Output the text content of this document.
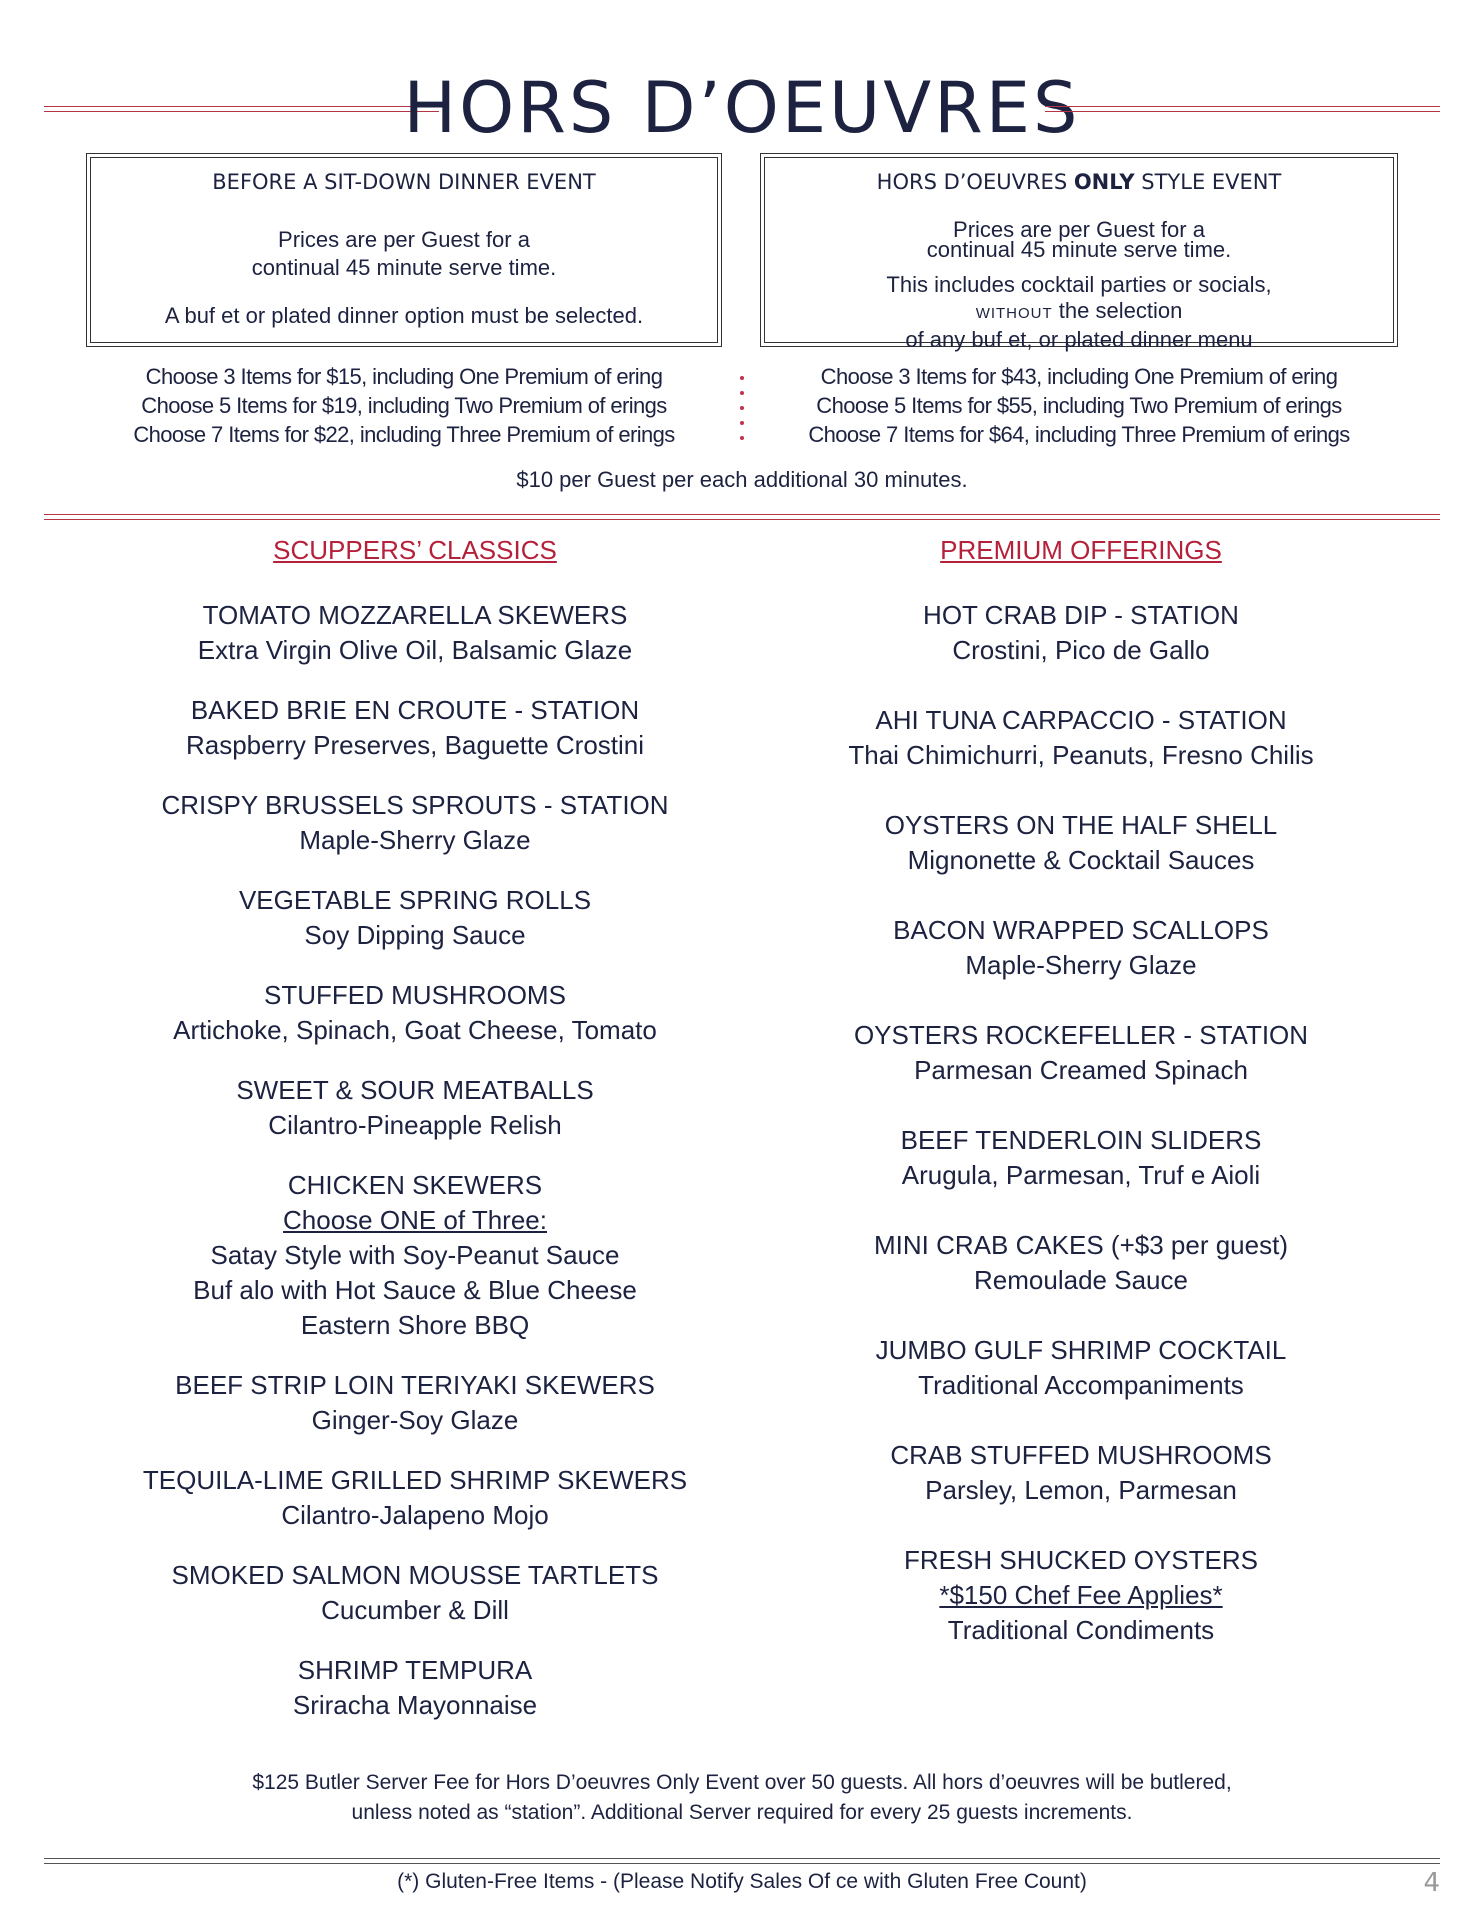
HORS D’OEUVRES
BEFORE A SIT-DOWN DINNER EVENT
Prices are per Guest for a
continual 45 minute serve time.
A buf et or plated dinner option must be selected.
HORS D’OEUVRES ONLY STYLE EVENT
Prices are per Guest for a
continual 45 minute serve time.
This includes cocktail parties or socials,
WITHOUT the selection
of any buf et, or plated dinner menu
Choose 3 Items for $15, including One Premium of ering
Choose 5 Items for $19, including Two Premium of erings
Choose 7 Items for $22, including Three Premium of erings
Choose 3 Items for $43, including One Premium of ering
Choose 5 Items for $55, including Two Premium of erings
Choose 7 Items for $64, including Three Premium of erings
$10 per Guest per each additional 30 minutes.
SCUPPERS’ CLASSICS
TOMATO MOZZARELLA SKEWERS
Extra Virgin Olive Oil, Balsamic Glaze
BAKED BRIE EN CROUTE - STATION
Raspberry Preserves, Baguette Crostini
CRISPY BRUSSELS SPROUTS - STATION
Maple-Sherry Glaze
VEGETABLE SPRING ROLLS
Soy Dipping Sauce
STUFFED MUSHROOMS
Artichoke, Spinach, Goat Cheese, Tomato
SWEET & SOUR MEATBALLS
Cilantro-Pineapple Relish
CHICKEN SKEWERS
Choose ONE of Three:
Satay Style with Soy-Peanut Sauce
Buf alo with Hot Sauce & Blue Cheese
Eastern Shore BBQ
BEEF STRIP LOIN TERIYAKI SKEWERS
Ginger-Soy Glaze
TEQUILA-LIME GRILLED SHRIMP SKEWERS
Cilantro-Jalapeno Mojo
SMOKED SALMON MOUSSE TARTLETS
Cucumber & Dill
SHRIMP TEMPURA
Sriracha Mayonnaise
PREMIUM OFFERINGS
HOT CRAB DIP - STATION
Crostini, Pico de Gallo
AHI TUNA CARPACCIO - STATION
Thai Chimichurri, Peanuts, Fresno Chilis
OYSTERS ON THE HALF SHELL
Mignonette & Cocktail Sauces
BACON WRAPPED SCALLOPS
Maple-Sherry Glaze
OYSTERS ROCKEFELLER - STATION
Parmesan Creamed Spinach
BEEF TENDERLOIN SLIDERS
Arugula, Parmesan, Truf e Aioli
MINI CRAB CAKES (+$3 per guest)
Remoulade Sauce
JUMBO GULF SHRIMP COCKTAIL
Traditional Accompaniments
CRAB STUFFED MUSHROOMS
Parsley, Lemon, Parmesan
FRESH SHUCKED OYSTERS
*$150 Chef Fee Applies*
Traditional Condiments
$125 Butler Server Fee for Hors D’oeuvres Only Event over 50 guests. All hors d’oeuvres will be butlered,
unless noted as “station”. Additional Server required for every 25 guests increments.
(*) Gluten-Free Items - (Please Notify Sales Of ce with Gluten Free Count)	4
